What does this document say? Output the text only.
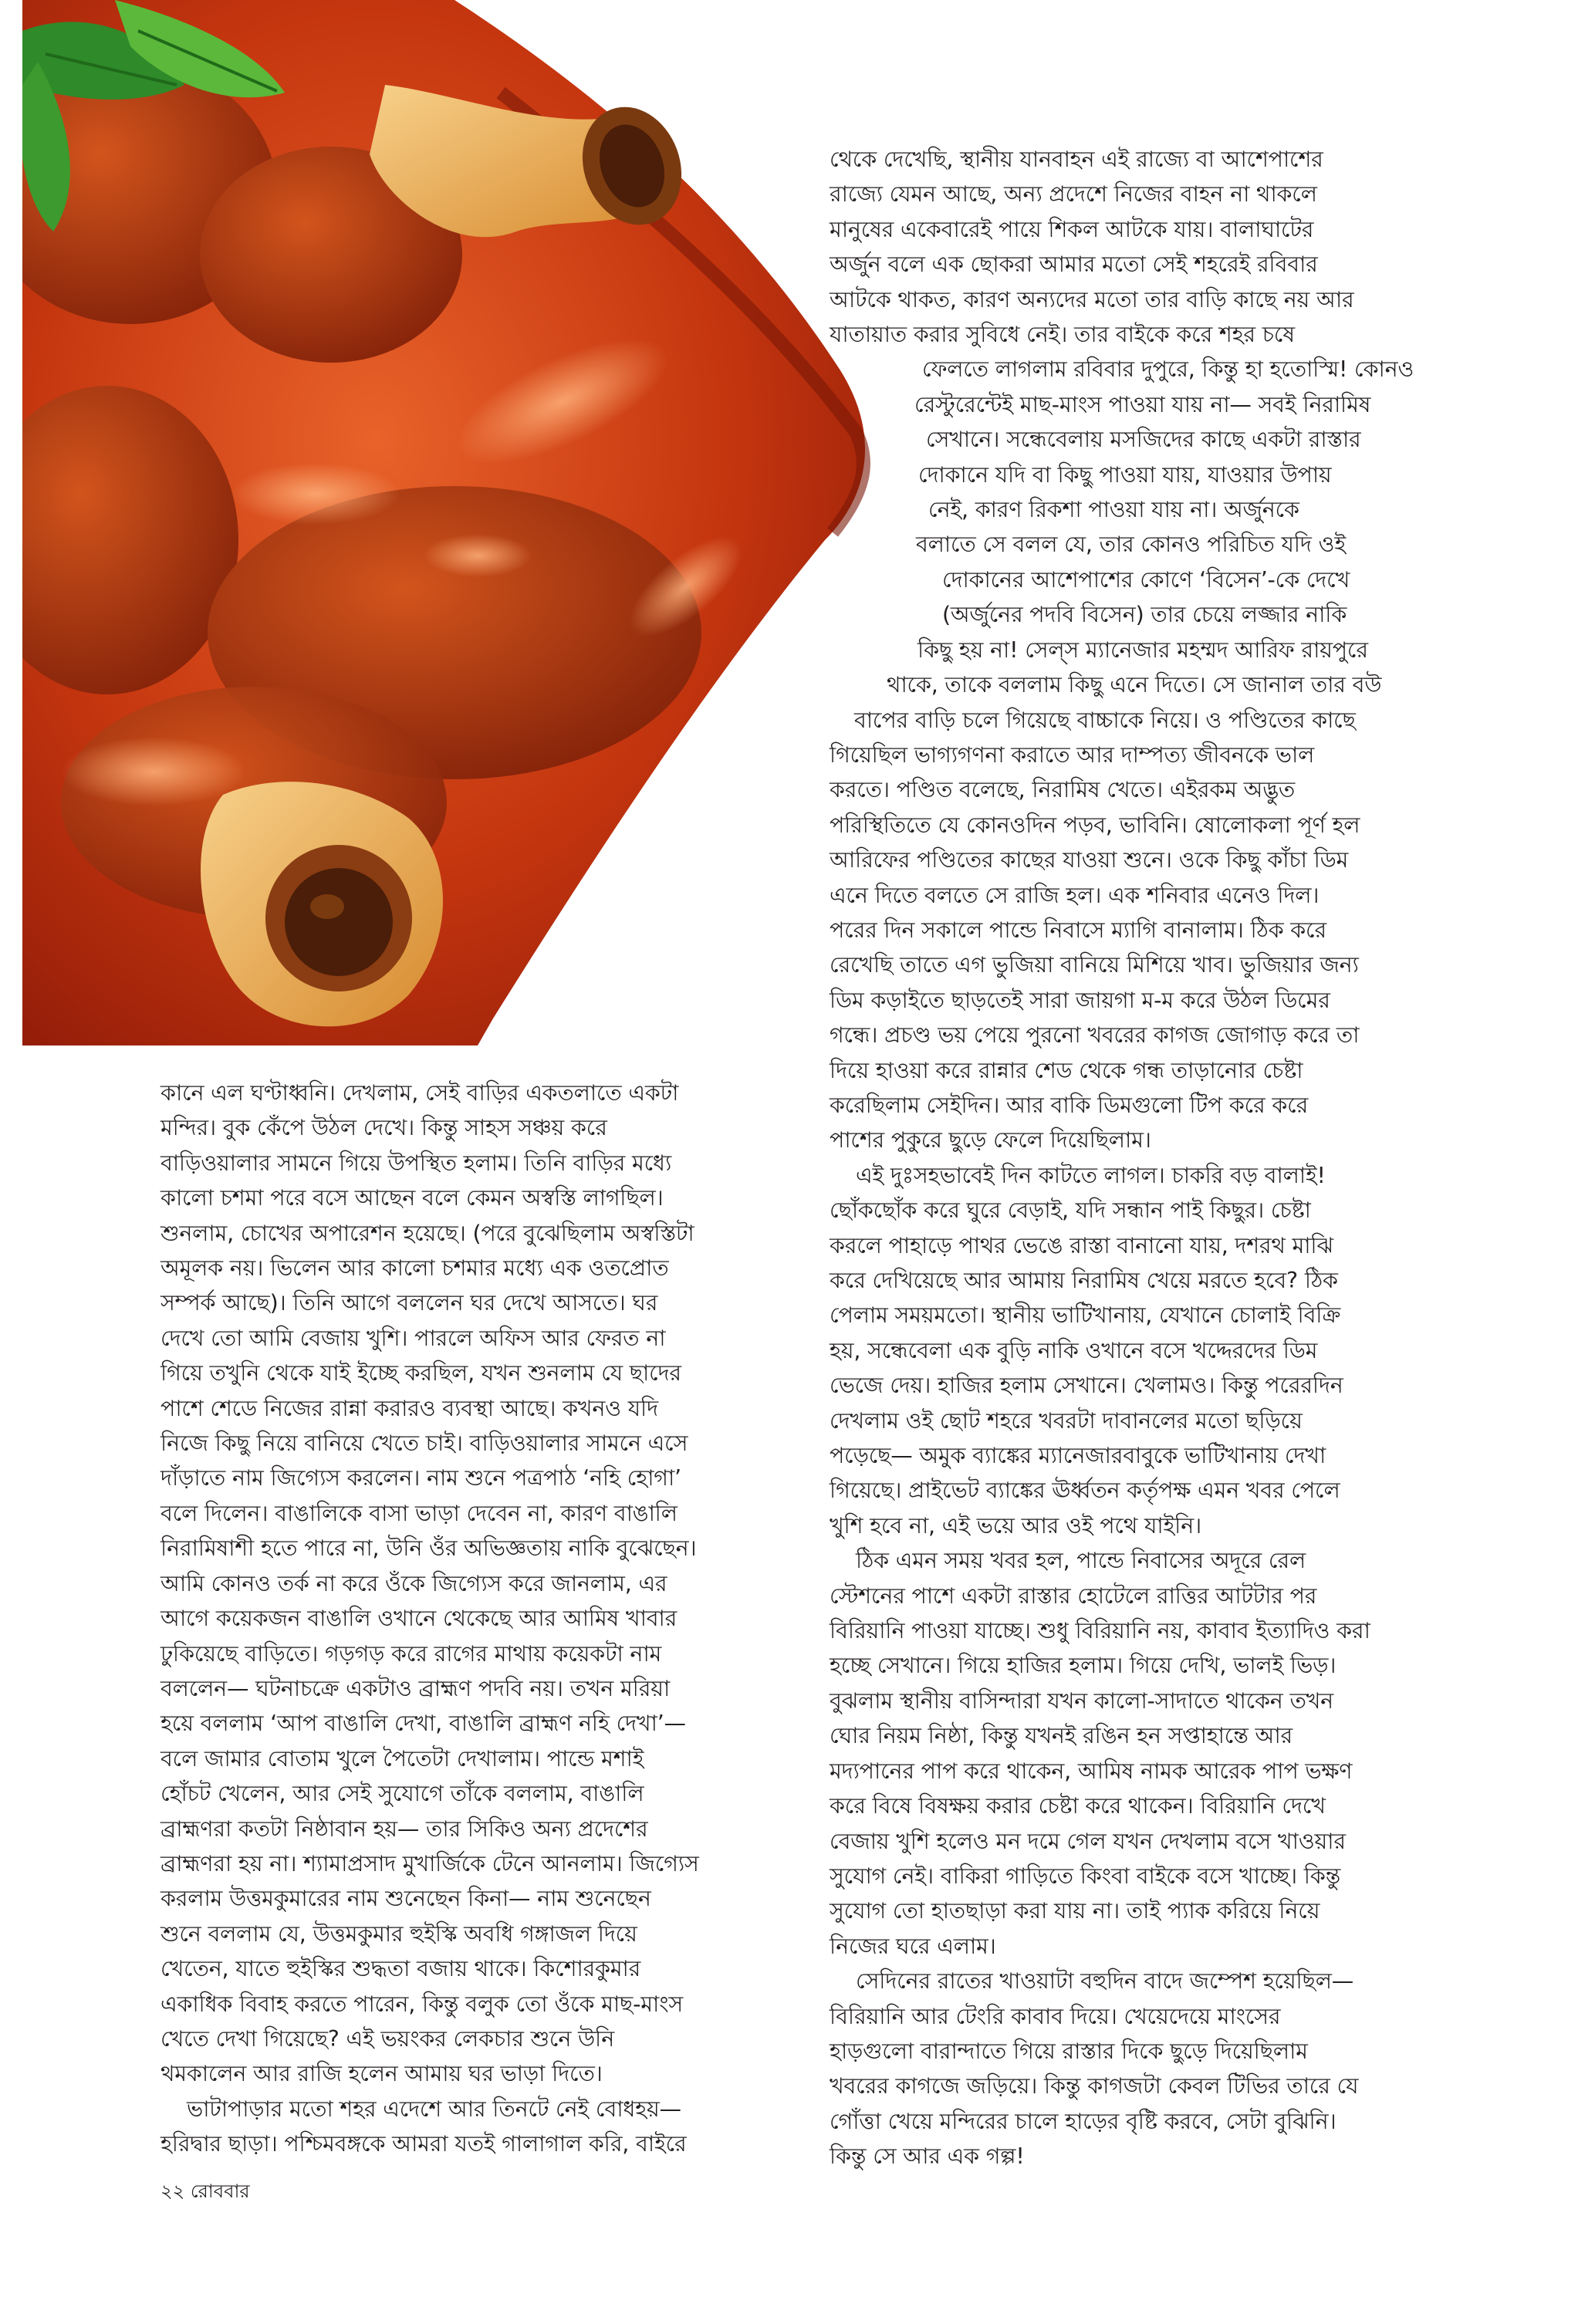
কানে এল ঘণ্টাধ্বনি। দেখলাম, সেই বাড়ির একতলাতে একটা
মন্দির। বুক কেঁপে উঠল দেখে। কিন্তু সাহস সঞ্চয় করে
বাড়িওয়ালার সামনে গিয়ে উপস্থিত হলাম। তিনি বাড়ির মধ্যে
কালো চশমা পরে বসে আছেন বলে কেমন অস্বস্তি লাগছিল।
শুনলাম, চোখের অপারেশন হয়েছে। (পরে বুঝেছিলাম অস্বস্তিটা
অমূলক নয়। ভিলেন আর কালো চশমার মধ্যে এক ওতপ্রোত
সম্পর্ক আছে)। তিনি আগে বললেন ঘর দেখে আসতে। ঘর
দেখে তো আমি বেজায় খুশি। পারলে অফিস আর ফেরত না
গিয়ে তখুনি থেকে যাই ইচ্ছে করছিল, যখন শুনলাম যে ছাদের
পাশে শেডে নিজের রান্না করারও ব্যবস্থা আছে। কখনও যদি
নিজে কিছু নিয়ে বানিয়ে খেতে চাই। বাড়িওয়ালার সামনে এসে
দাঁড়াতে নাম জিগ্যেস করলেন। নাম শুনে পত্রপাঠ ‘নহি হোগা’
বলে দিলেন। বাঙালিকে বাসা ভাড়া দেবেন না, কারণ বাঙালি
নিরামিষাশী হতে পারে না, উনি ওঁর অভিজ্ঞতায় নাকি বুঝেছেন।
আমি কোনও তর্ক না করে ওঁকে জিগ্যেস করে জানলাম, এর
আগে কয়েকজন বাঙালি ওখানে থেকেছে আর আমিষ খাবার
ঢুকিয়েছে বাড়িতে। গড়গড় করে রাগের মাথায় কয়েকটা নাম
বললেন— ঘটনাচক্রে একটাও ব্রাহ্মণ পদবি নয়। তখন মরিয়া
হয়ে বললাম ‘আপ বাঙালি দেখা, বাঙালি ব্রাহ্মণ নহি দেখা’—
বলে জামার বোতাম খুলে পৈতেটা দেখালাম। পান্ডে মশাই
হোঁচট খেলেন, আর সেই সুযোগে তাঁকে বললাম, বাঙালি
ব্রাহ্মণরা কতটা নিষ্ঠাবান হয়— তার সিকিও অন্য প্রদেশের
ব্রাহ্মণরা হয় না। শ্যামাপ্রসাদ মুখার্জিকে টেনে আনলাম। জিগ্যেস
করলাম উত্তমকুমারের নাম শুনেছেন কিনা— নাম শুনেছেন
শুনে বললাম যে, উত্তমকুমার হুইস্কি অবধি গঙ্গাজল দিয়ে
খেতেন, যাতে হুইস্কির শুদ্ধতা বজায় থাকে। কিশোরকুমার
একাধিক বিবাহ করতে পারেন, কিন্তু বলুক তো ওঁকে মাছ-মাংস
খেতে দেখা গিয়েছে? এই ভয়ংকর লেকচার শুনে উনি
থমকালেন আর রাজি হলেন আমায় ঘর ভাড়া দিতে।

ভাটাপাড়ার মতো শহর এদেশে আর তিনটে নেই বোধহয়—
হরিদ্বার ছাড়া। পশ্চিমবঙ্গকে আমরা যতই গালাগাল করি, বাইরে

থেকে দেখেছি, স্থানীয় যানবাহন এই রাজ্যে বা আশেপাশের
রাজ্যে যেমন আছে, অন্য প্রদেশে নিজের বাহন না থাকলে
মানুষের একেবারেই পায়ে শিকল আটকে যায়। বালাঘাটের
অর্জুন বলে এক ছোকরা আমার মতো সেই শহরেই রবিবার
আটকে থাকত, কারণ অন্যদের মতো তার বাড়ি কাছে নয় আর
যাতায়াত করার সুবিধে নেই। তার বাইকে করে শহর চষে
ফেলতে লাগলাম রবিবার দুপুরে, কিন্তু হা হতোস্মি! কোনও
রেস্টুরেন্টেই মাছ-মাংস পাওয়া যায় না— সবই নিরামিষ
সেখানে। সন্ধেবেলায় মসজিদের কাছে একটা রাস্তার
দোকানে যদি বা কিছু পাওয়া যায়, যাওয়ার উপায়
নেই, কারণ রিকশা পাওয়া যায় না। অর্জুনকে
বলাতে সে বলল যে, তার কোনও পরিচিত যদি ওই
দোকানের আশেপাশের কোণে ‘বিসেন’-কে দেখে
(অর্জুনের পদবি বিসেন) তার চেয়ে লজ্জার নাকি
কিছু হয় না! সেল্‌স ম্যানেজার মহম্মদ আরিফ রায়পুরে
থাকে, তাকে বললাম কিছু এনে দিতে। সে জানাল তার বউ
বাপের বাড়ি চলে গিয়েছে বাচ্চাকে নিয়ে। ও পণ্ডিতের কাছে
গিয়েছিল ভাগ্যগণনা করাতে আর দাম্পত্য জীবনকে ভাল
করতে। পণ্ডিত বলেছে, নিরামিষ খেতে। এইরকম অদ্ভুত
পরিস্থিতিতে যে কোনওদিন পড়ব, ভাবিনি। ষোলোকলা পূর্ণ হল
আরিফের পণ্ডিতের কাছের যাওয়া শুনে। ওকে কিছু কাঁচা ডিম
এনে দিতে বলতে সে রাজি হল। এক শনিবার এনেও দিল।
পরের দিন সকালে পান্ডে নিবাসে ম্যাগি বানালাম। ঠিক করে
রেখেছি তাতে এগ ভুজিয়া বানিয়ে মিশিয়ে খাব। ভুজিয়ার জন্য
ডিম কড়াইতে ছাড়তেই সারা জায়গা ম-ম করে উঠল ডিমের
গন্ধে। প্রচণ্ড ভয় পেয়ে পুরনো খবরের কাগজ জোগাড় করে তা
দিয়ে হাওয়া করে রান্নার শেড থেকে গন্ধ তাড়ানোর চেষ্টা
করেছিলাম সেইদিন। আর বাকি ডিমগুলো টিপ করে করে
পাশের পুকুরে ছুড়ে ফেলে দিয়েছিলাম।

এই দুঃসহভাবেই দিন কাটতে লাগল। চাকরি বড় বালাই!
ছোঁকছোঁক করে ঘুরে বেড়াই, যদি সন্ধান পাই কিছুর। চেষ্টা
করলে পাহাড়ে পাথর ভেঙে রাস্তা বানানো যায়, দশরথ মাঝি
করে দেখিয়েছে আর আমায় নিরামিষ খেয়ে মরতে হবে? ঠিক
পেলাম সময়মতো। স্থানীয় ভাটিখানায়, যেখানে চোলাই বিক্রি
হয়, সন্ধেবেলা এক বুড়ি নাকি ওখানে বসে খদ্দেরদের ডিম
ভেজে দেয়। হাজির হলাম সেখানে। খেলামও। কিন্তু পরেরদিন
দেখলাম ওই ছোট শহরে খবরটা দাবানলের মতো ছড়িয়ে
পড়েছে— অমুক ব্যাঙ্কের ম্যানেজারবাবুকে ভাটিখানায় দেখা
গিয়েছে। প্রাইভেট ব্যাঙ্কের ঊর্ধ্বতন কর্তৃপক্ষ এমন খবর পেলে
খুশি হবে না, এই ভয়ে আর ওই পথে যাইনি।

ঠিক এমন সময় খবর হল, পান্ডে নিবাসের অদূরে রেল
স্টেশনের পাশে একটা রাস্তার হোটেলে রাত্তির আটটার পর
বিরিয়ানি পাওয়া যাচ্ছে। শুধু বিরিয়ানি নয়, কাবাব ইত্যাদিও করা
হচ্ছে সেখানে। গিয়ে হাজির হলাম। গিয়ে দেখি, ভালই ভিড়।
বুঝলাম স্থানীয় বাসিন্দারা যখন কালো-সাদাতে থাকেন তখন
ঘোর নিয়ম নিষ্ঠা, কিন্তু যখনই রঙিন হন সপ্তাহান্তে আর
মদ্যপানের পাপ করে থাকেন, আমিষ নামক আরেক পাপ ভক্ষণ
করে বিষে বিষক্ষয় করার চেষ্টা করে থাকেন। বিরিয়ানি দেখে
বেজায় খুশি হলেও মন দমে গেল যখন দেখলাম বসে খাওয়ার
সুযোগ নেই। বাকিরা গাড়িতে কিংবা বাইকে বসে খাচ্ছে। কিন্তু
সুযোগ তো হাতছাড়া করা যায় না। তাই প্যাক করিয়ে নিয়ে
নিজের ঘরে এলাম।

সেদিনের রাতের খাওয়াটা বহুদিন বাদে জম্পেশ হয়েছিল—
বিরিয়ানি আর টেংরি কাবাব দিয়ে। খেয়েদেয়ে মাংসের
হাড়গুলো বারান্দাতে গিয়ে রাস্তার দিকে ছুড়ে দিয়েছিলাম
খবরের কাগজে জড়িয়ে। কিন্তু কাগজটা কেবল টিভির তারে যে
গোঁত্তা খেয়ে মন্দিরের চালে হাড়ের বৃষ্টি করবে, সেটা বুঝিনি।
কিন্তু সে আর এক গল্প!

২২ রোববার
